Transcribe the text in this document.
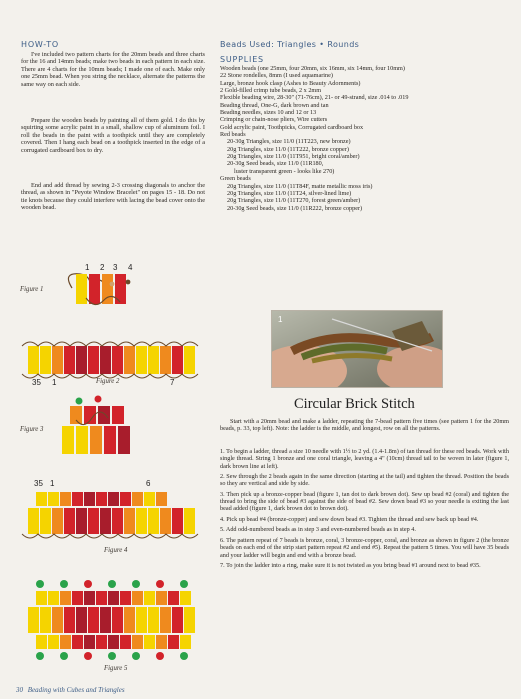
HOW-TO
I've included two pattern charts for the 20mm beads and three charts for the 16 and 14mm beads; make two beads in each pattern in each size. There are 4 charts for the 10mm beads; I made one of each. Make only one 25mm bead. When you string the necklace, alternate the patterns the same way on each side.
Prepare the wooden beads by painting all of them gold. I do this by squirting some acrylic paint in a small, shallow cup of aluminum foil. I roll the beads in the paint with a toothpick until they are completely covered. Then I hang each bead on a toothpick inserted in the edge of a corrugated cardboard box to dry.
End and add thread by sewing 2-3 crossing diagonals to anchor the thread, as shown in "Peyote Window Bracelet" on pages 15 - 18. Do not tie knots because they could interfere with lacing the bead cover onto the wooden bead.
Figure 1
Figure 2
Figure 3
Figure 4
Figure 5
1 2 3 4
35 1	7
35 1	6
Beads Used: Triangles • Rounds
SUPPLIES
Wooden beads (one 25mm, four 20mm, six 16mm, six 14mm, four 10mm)
22 Stone rondelles, 8mm (I used aquamarine)
Large, bronze hook clasp (Ashes to Beauty Adornments)
2 Gold-filled crimp tube beads, 2 x 2mm
Flexible beading wire, 28-30" (71-76cm), 21- or 49-strand, size .014 to .019
Beading thread, One-G, dark brown and tan
Beading needles, sizes 10 and 12 or 13
Crimping or chain-nose pliers, Wire cutters
Gold acrylic paint, Toothpicks, Corrugated cardboard box
Red beads
20-30g Triangles, size 11/0 (11T223, new bronze)
20g Triangles, size 11/0 (11T222, bronze copper)
20g Triangles, size 11/0 (11T951, bright coral/amber)
20-30g Seed beads, size 11/0 (11R180,
luster transparent green - looks like 270)
Green beads
20g Triangles, size 11/0 (11T84F, matte metallic moss iris)
20g Triangles, size 11/0 (11T24, silver-lined lime)
20g Triangles, size 11/0 (11T270, forest green/amber)
20-30g Seed beads, size 11/0 (11R222, bronze copper)
1
Circular Brick Stitch
Start with a 20mm bead and make a ladder, repeating the 7-bead pattern five times (see pattern 1 for the 20mm beads, p. 33, top left). Note: the ladder is the middle, and longest, row on all the patterns.
1. To begin a ladder, thread a size 10 needle with 1½ to 2 yd. (1.4-1.8m) of tan thread for these red beads. Work with single thread. String 1 bronze and one coral triangle, leaving a 4" (10cm) thread tail to be woven in later (figure 1, dark brown line at left).
2. Sew through the 2 beads again in the same direction (starting at the tail) and tighten the thread. Position the beads so they are vertical and side by side.
3. Then pick up a bronze-copper bead (figure 1, tan dot to dark brown dot). Sew up bead #2 (coral) and tighten the thread to bring the side of bead #3 against the side of bead #2. Sew down bead #3 so your needle is exiting the last bead added (figure 1, dark brown dot to brown dot).
4. Pick up bead #4 (bronze-copper) and sew down bead #3. Tighten the thread and sew back up bead #4.
5. Add odd-numbered beads as in step 3 and even-numbered beads as in step 4.
6. The pattern repeat of 7 beads is bronze, coral, 3 bronze-copper, coral, and bronze as shown in figure 2 (the bronze beads on each end of the strip start pattern repeat #2 and end #5). Repeat the pattern 5 times. You will have 35 beads and your ladder will begin and end with a bronze bead.
7. To join the ladder into a ring, make sure it is not twisted as you bring bead #1 around next to bead #35.
30 Beading with Cubes and Triangles
